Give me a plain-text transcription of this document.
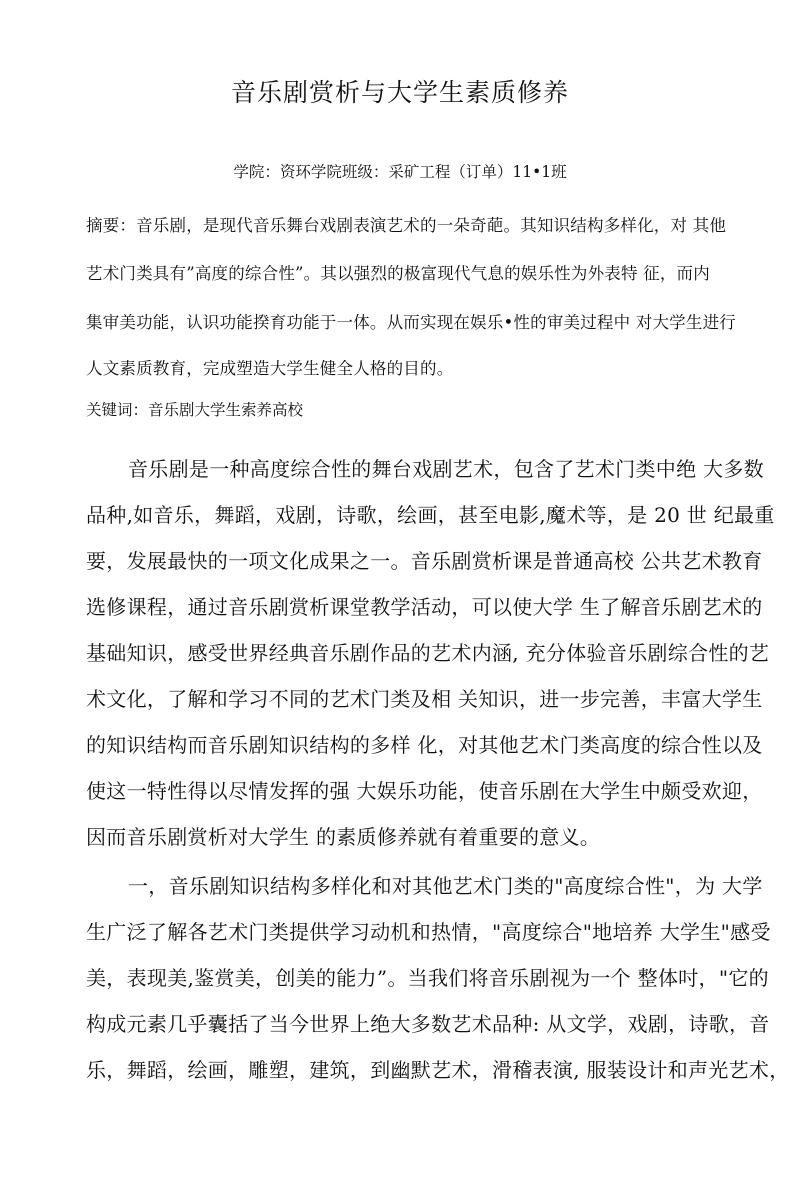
音乐剧赏析与大学生素质修养
学院：资环学院班级：采矿工程（订单）11•1班
摘要：音乐剧，是现代音乐舞台戏剧表演艺术的一朵奇葩。其知识结构多样化，对 其他
艺术门类具有”高度的综合性”。其以强烈的极富现代气息的娱乐性为外表特 征，而内
集审美功能，认识功能揆育功能于一体。从而实现在娱乐•性的审美过程中 对大学生进行
人文素质教育，完成塑造大学生健全人格的目的。
关键词：音乐剧大学生索养高校
音乐剧是一种高度综合性的舞台戏剧艺术，包含了艺术门类中绝 大多数
品种,如音乐，舞蹈，戏剧，诗歌，绘画，甚至电影,魔术等，是 20 世 纪最重
要，发展最快的一项文化成果之一。音乐剧赏析课是普通高校 公共艺术教育
选修课程，通过音乐剧赏析课堂教学活动，可以使大学 生了解音乐剧艺术的
基础知识，感受世界经典音乐剧作品的艺术内涵, 充分体验音乐剧综合性的艺
术文化，了解和学习不同的艺术门类及相 关知识，进一步完善，丰富大学生
的知识结构而音乐剧知识结构的多样 化，对其他艺术门类高度的综合性以及
使这一特性得以尽情发挥的强 大娱乐功能，使音乐剧在大学生中颇受欢迎，
因而音乐剧赏析对大学生 的素质修养就有着重要的意义。
一，音乐剧知识结构多样化和对其他艺术门类的"高度综合性"，为 大学
生广泛了解各艺术门类提供学习动机和热情，"高度综合"地培养 大学生"感受
美，表现美,鉴赏美，创美的能力”。当我们将音乐剧视为一个 整体吋，"它的
构成元素几乎囊括了当今世界上绝大多数艺术品种: 从文学，戏剧，诗歌，音
乐，舞蹈，绘画，雕塑，建筑，到幽默艺术，滑稽表演, 服装设计和声光艺术，
